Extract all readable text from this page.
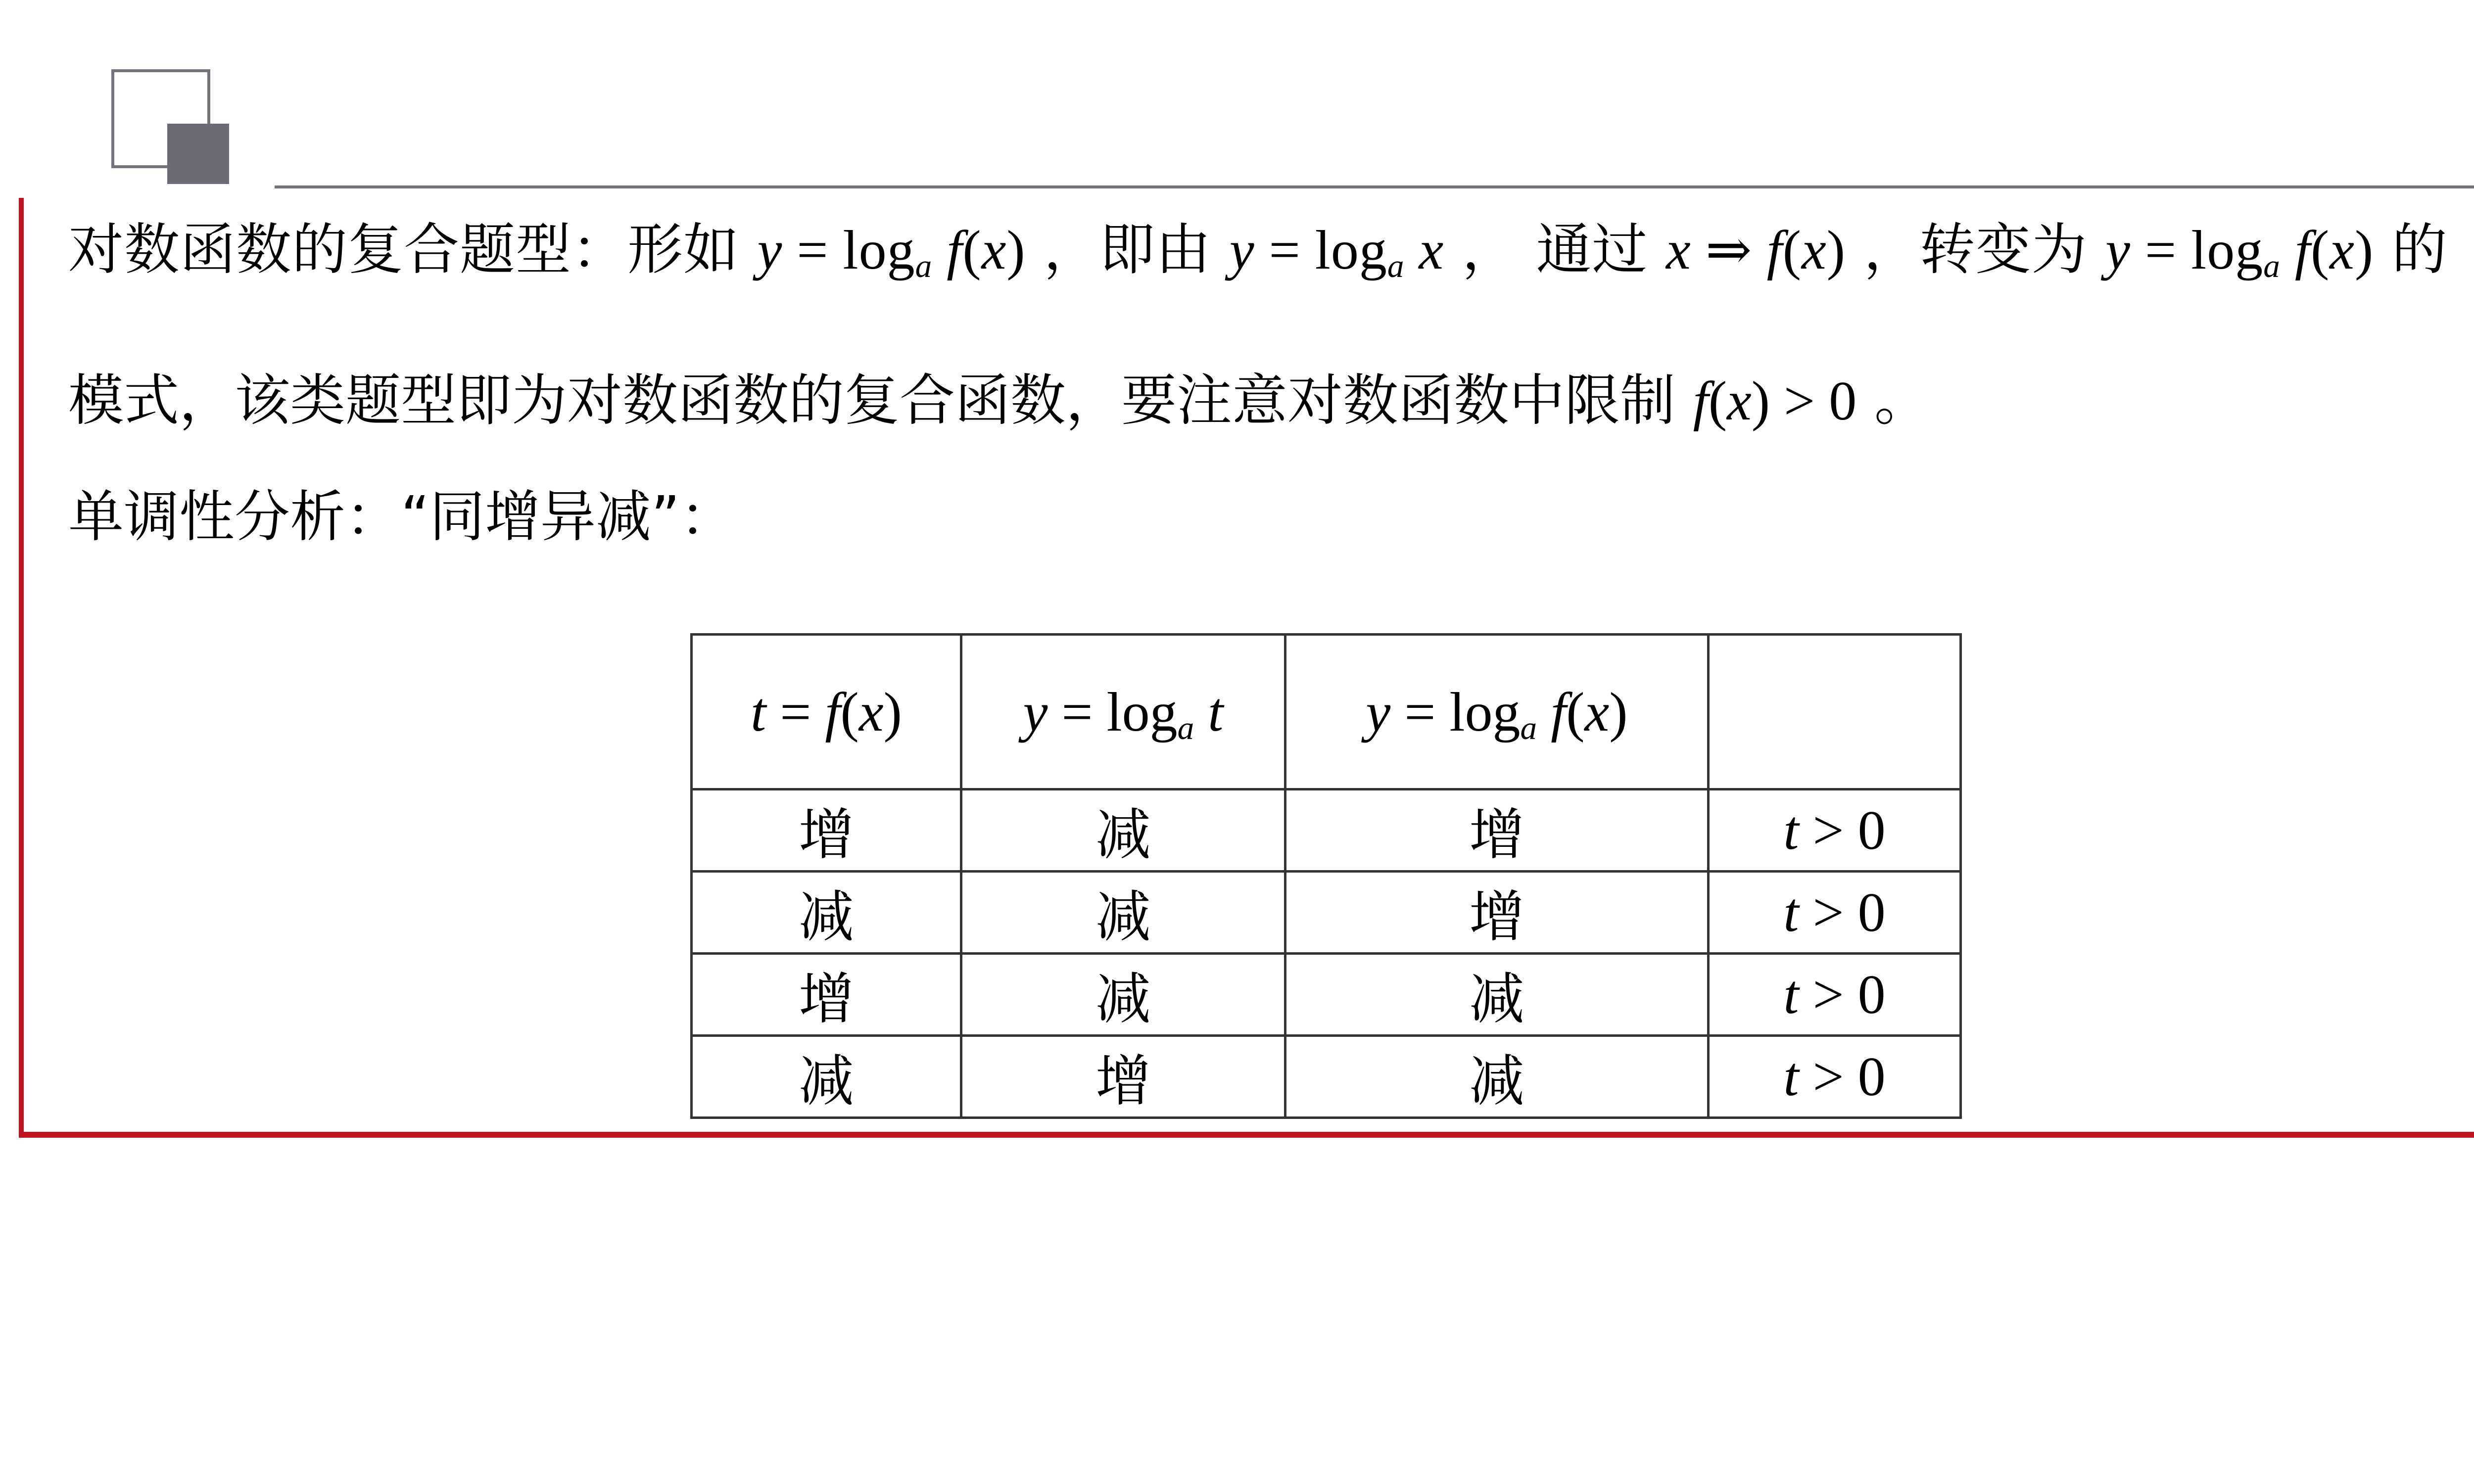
对数函数的复合题型：形如 $y = \log_a f(x)$ ，即由 $y = \log_a x$ ， 通过 x ⇒ f(x) ，转变为 $y = \log_a f(x)$ 的
模式，该类题型即为对数函数的复合函数，要注意对数函数中限制 f(x) > 0 。
单调性分析：“同增异减”：
t = f(x)	$y = \log_a t$	$y = \log_a f(x)$	
增	减	增	t > 0
减	减	增	t > 0
增	减	减	t > 0
减	增	减	t > 0
